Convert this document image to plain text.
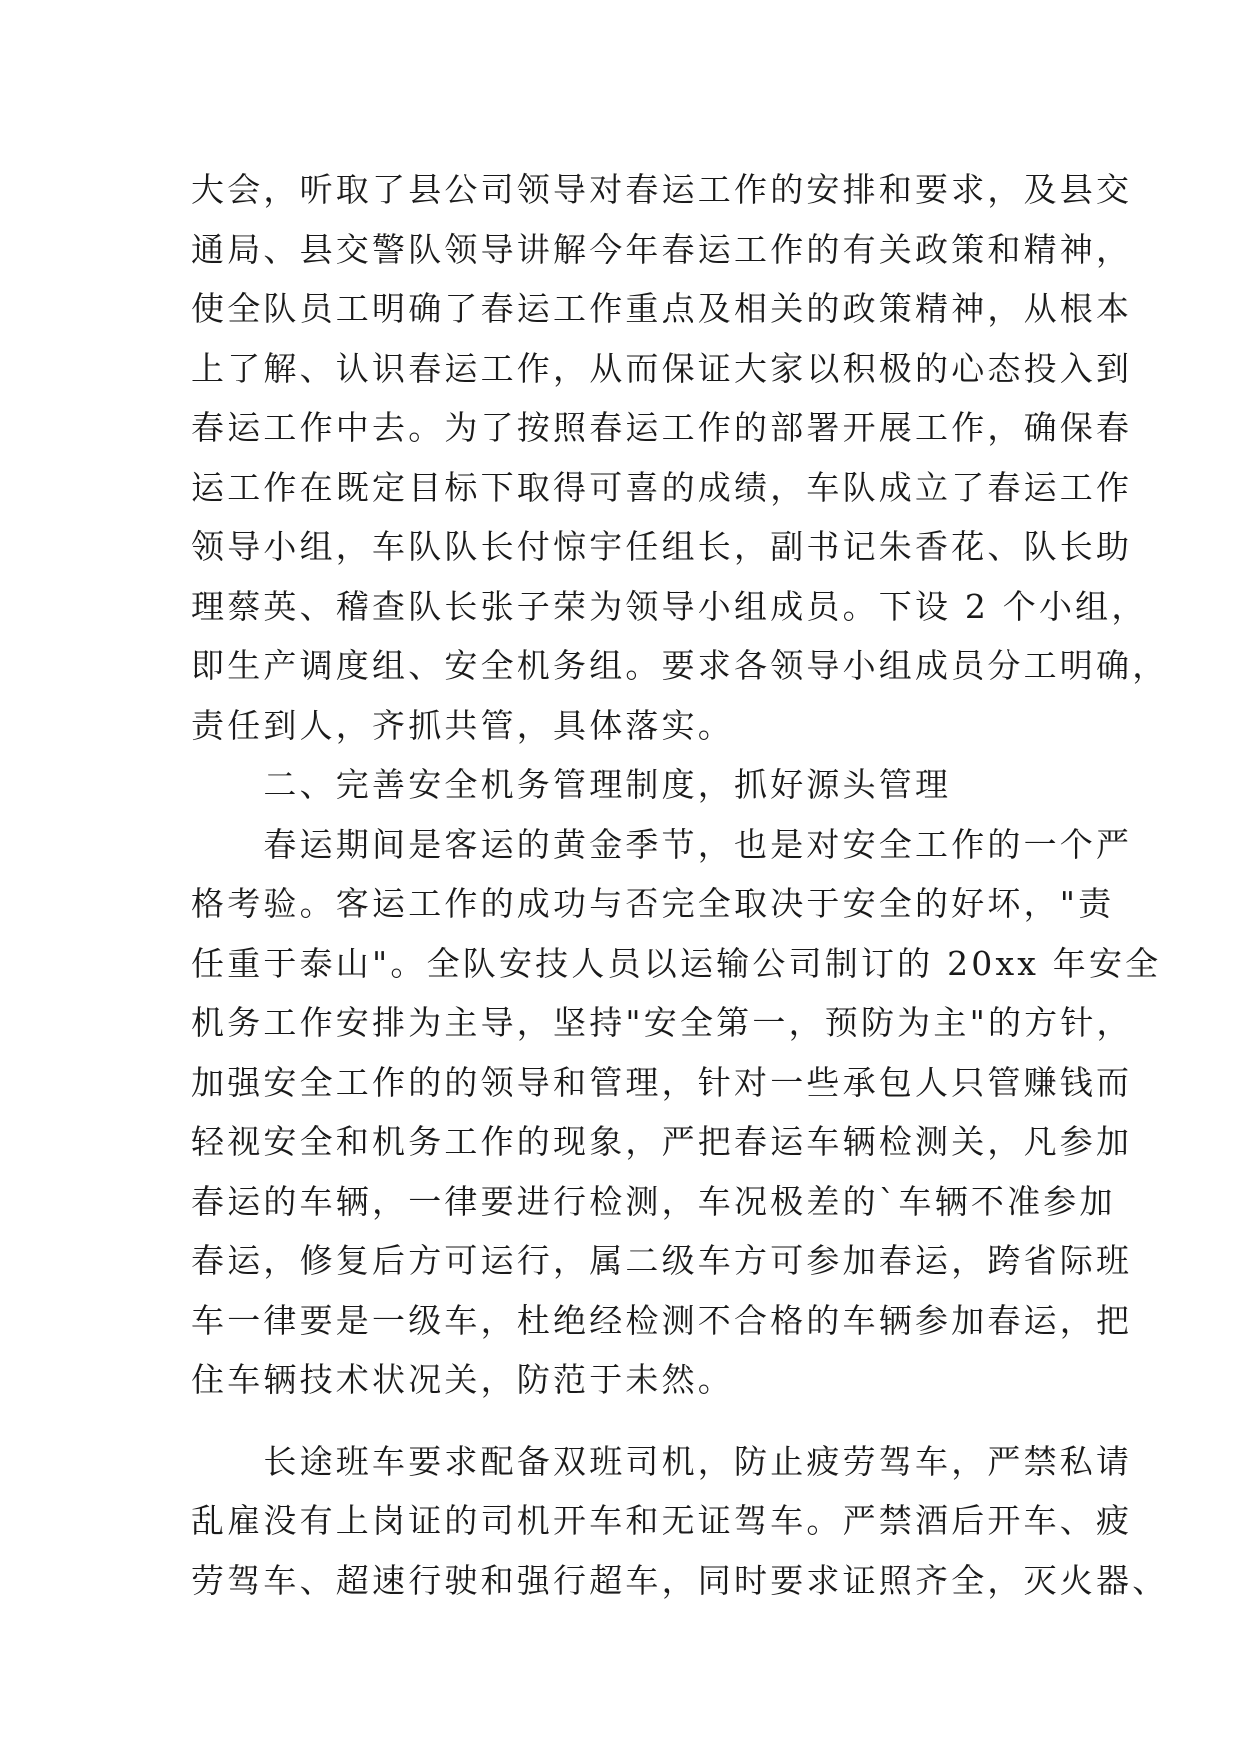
大会，听取了县公司领导对春运工作的安排和要求，及县交
通局、县交警队领导讲解今年春运工作的有关政策和精神，
使全队员工明确了春运工作重点及相关的政策精神，从根本
上了解、认识春运工作，从而保证大家以积极的心态投入到
春运工作中去。为了按照春运工作的部署开展工作，确保春
运工作在既定目标下取得可喜的成绩，车队成立了春运工作
领导小组，车队队长付惊宇任组长，副书记朱香花、队长助
理蔡英、稽查队长张子荣为领导小组成员。下设 2 个小组，
即生产调度组、安全机务组。要求各领导小组成员分工明确，
责任到人，齐抓共管，具体落实。
　　二、完善安全机务管理制度，抓好源头管理
　　春运期间是客运的黄金季节，也是对安全工作的一个严
格考验。客运工作的成功与否完全取决于安全的好坏，"责
任重于泰山"。全队安技人员以运输公司制订的 20xx 年安全
机务工作安排为主导，坚持"安全第一，预防为主"的方针，
加强安全工作的的领导和管理，针对一些承包人只管赚钱而
轻视安全和机务工作的现象，严把春运车辆检测关，凡参加
春运的车辆，一律要进行检测，车况极差的`车辆不准参加
春运，修复后方可运行，属二级车方可参加春运，跨省际班
车一律要是一级车，杜绝经检测不合格的车辆参加春运，把
住车辆技术状况关，防范于未然。
　　长途班车要求配备双班司机，防止疲劳驾车，严禁私请
乱雇没有上岗证的司机开车和无证驾车。严禁酒后开车、疲
劳驾车、超速行驶和强行超车，同时要求证照齐全，灭火器、
